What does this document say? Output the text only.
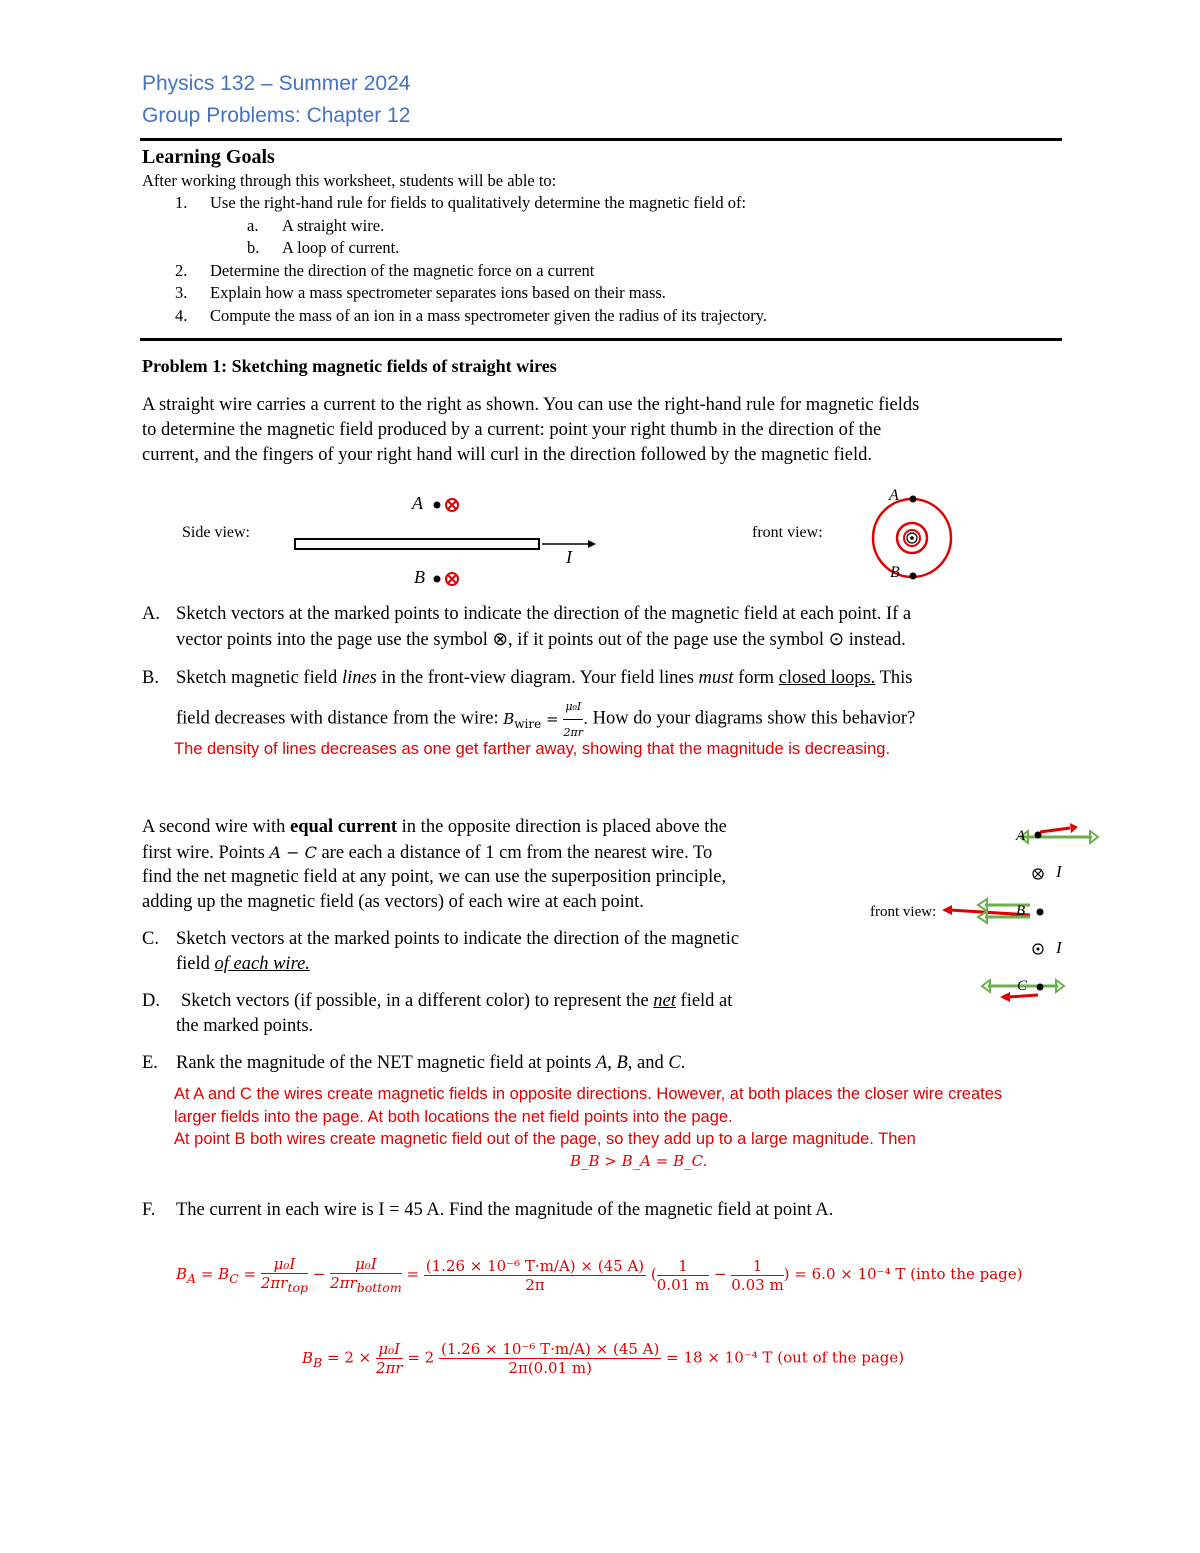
Physics 132 – Summer 2024
Group Problems: Chapter 12
Learning Goals
After working through this worksheet, students will be able to:
1. Use the right-hand rule for fields to qualitatively determine the magnetic field of:
a. A straight wire.
b. A loop of current.
2. Determine the direction of the magnetic force on a current
3. Explain how a mass spectrometer separates ions based on their mass.
4. Compute the mass of an ion in a mass spectrometer given the radius of its trajectory.
Problem 1: Sketching magnetic fields of straight wires
A straight wire carries a current to the right as shown. You can use the right-hand rule for magnetic fields
to determine the magnetic field produced by a current: point your right thumb in the direction of the
current, and the fingers of your right hand will curl in the direction followed by the magnetic field.
Side view:
A
B
I
front view:
A
B
A. Sketch vectors at the marked points to indicate the direction of the magnetic field at each point. If a
vector points into the page use the symbol ⊗, if it points out of the page use the symbol ⊙ instead.
B. Sketch magnetic field lines in the front-view diagram. Your field lines must form closed loops. This
field decreases with distance from the wire: $B_{wire} = \frac{\text{μ₀I}}{2\pi r}$ . How do your diagrams show this behavior?
The density of lines decreases as one get farther away, showing that the magnitude is decreasing.
A second wire with equal current in the opposite direction is placed above the
first wire. Points A − C are each a distance of 1 cm from the nearest wire. To
find the net magnetic field at any point, we can use the superposition principle,
adding up the magnetic field (as vectors) of each wire at each point.
C. Sketch vectors at the marked points to indicate the direction of the magnetic
field of each wire.
D. Sketch vectors (if possible, in a different color) to represent the net field at
the marked points.
front view:
A
B
C
I
I
E. Rank the magnitude of the NET magnetic field at points A, B, and C.
At A and C the wires create magnetic fields in opposite directions. However, at both places the closer wire creates
larger fields into the page. At both locations the net field points into the page.
At point B both wires create magnetic field out of the page, so they add up to a large magnitude. Then
B_B > B_A = B_C.
F. The current in each wire is I = 45 A. Find the magnitude of the magnetic field at point A.
$B_A = B_C = \frac{\text{μ₀I}}{2\pi r_{top}} - \frac{\text{μ₀I}}{2\pi r_{bottom}} = \frac{\text{(1.26 × 10⁻⁶ T·m/A) × (45 A)}}{2\pi}$ ( $\frac{1}{0.01 m} - \frac{1}{0.03 m}$ ) = 6.0 × 10⁻⁴ T (into the page)
$B_B = 2 \times \frac{\text{μ₀I}}{2\pi r} = 2 \frac{\text{(1.26 × 10⁻⁶ T·m/A) × (45 A)}}{2\pi(0.01 m)} = 18 \times 10^{-4}$ T (out of the page)
